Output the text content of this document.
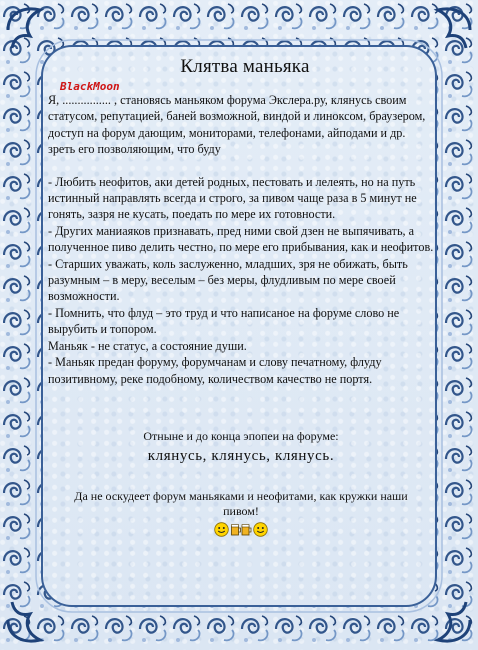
Клятва маньяка
BlackMoon

Я, ................ , становясь маньяком форума Экслера.ру, клянусь своим статусом, репутацией, баней возможной, виндой и линоксом, браузером, доступ на форум дающим, мониторами, телефонами, айподами и др. зреть его позволяющим, что буду

- Любить неофитов, аки детей родных, пестовать и лелеять, но на путь истинный направлять всегда и строго, за пивом чаще раза в 5 минут не гонять, зазря не кусать, поедать по мере их готовности.

- Других маниаяков признавать, пред ними свой дзен не выпячивать, а полученное пиво делить честно, по мере его прибывания, как и неофитов.

- Старших уважать, коль заслуженно, младших, зря не обижать, быть разумным – в меру, веселым – без меры, флудливым по мере своей возможности.

- Помнить, что флуд – это труд и что написаное на форуме слово не вырубить и топором.

Маньяк - не статус, а состояние души.

- Маньяк предан форуму, форумчанам и слову печатному, флуду позитивному, реке подобному, количеством качество не портя.

Отныне и до конца эпопеи на форуме:
клянусь, клянусь, клянусь.
Да не оскудеет форум маньяками и неофитами, как кружки наши пивом!
